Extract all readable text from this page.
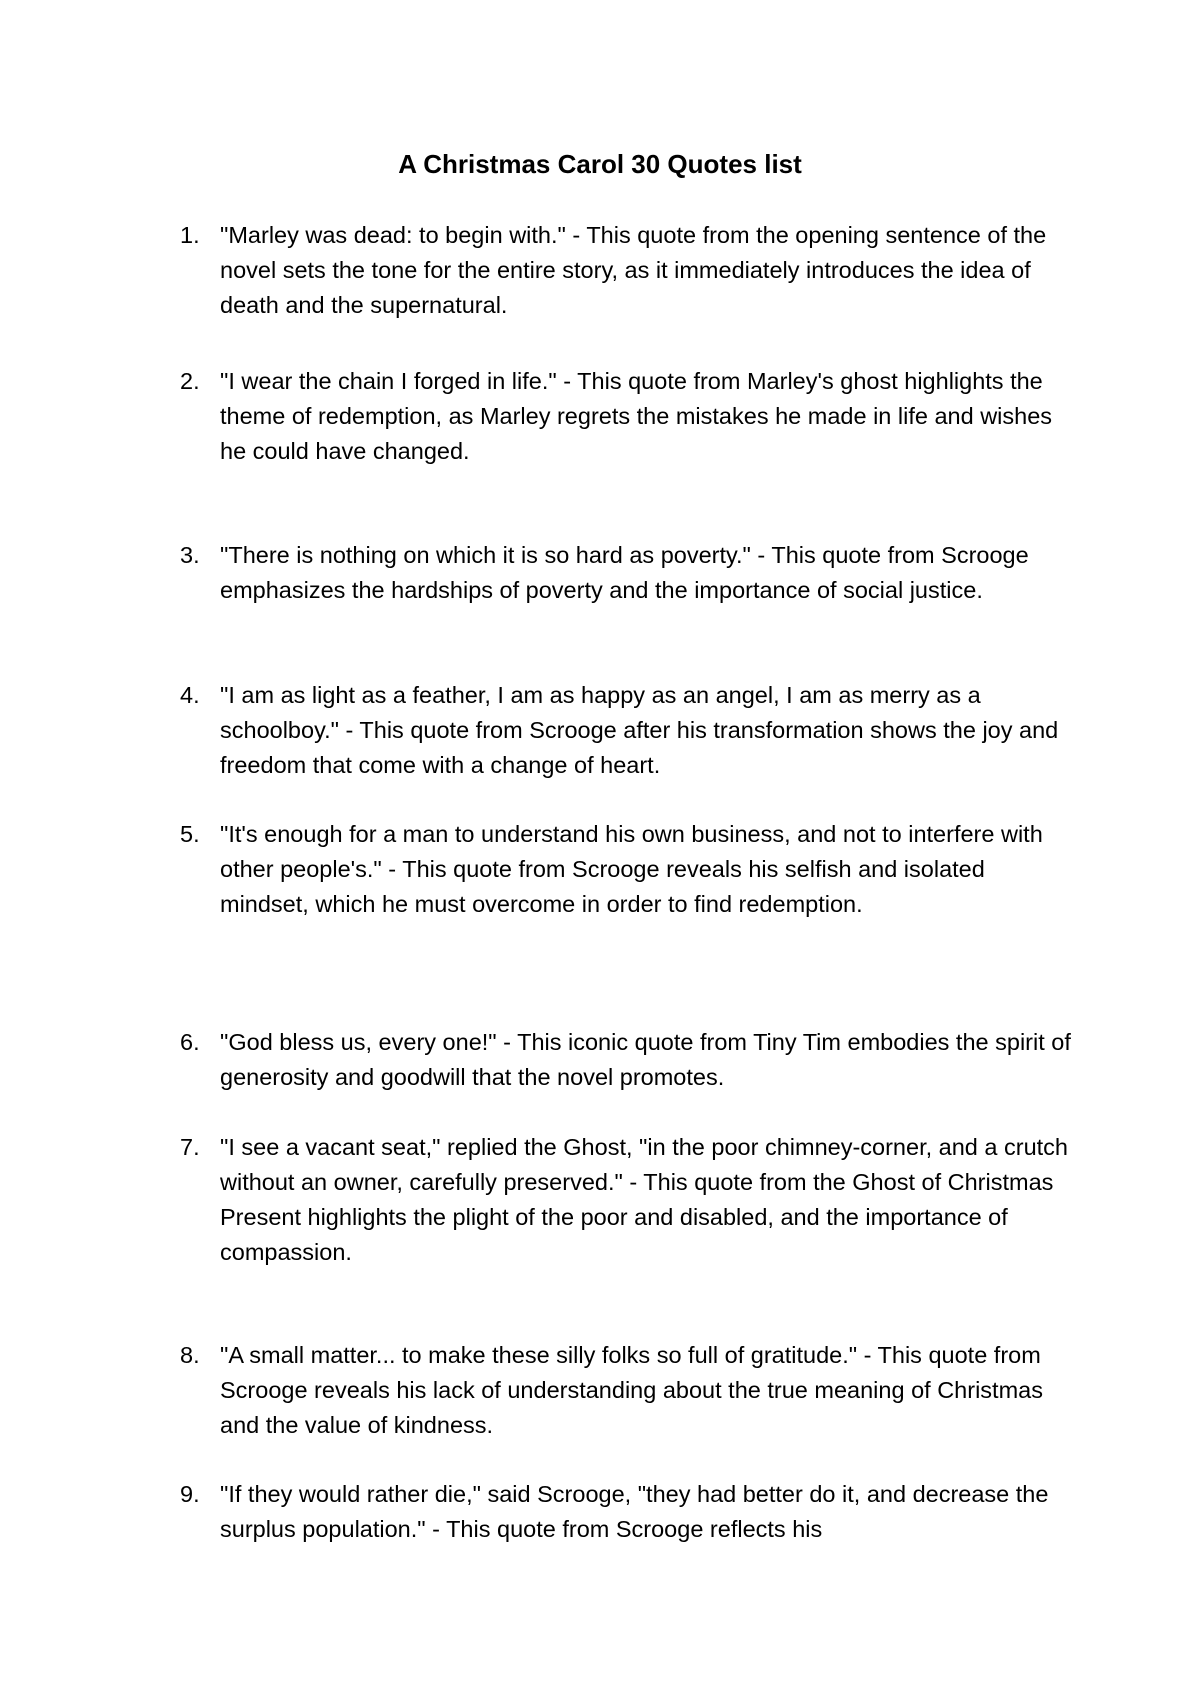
A Christmas Carol 30 Quotes list
1. "Marley was dead: to begin with." - This quote from the opening sentence of the novel sets the tone for the entire story, as it immediately introduces the idea of death and the supernatural.
2. "I wear the chain I forged in life." - This quote from Marley's ghost highlights the theme of redemption, as Marley regrets the mistakes he made in life and wishes he could have changed.
3. "There is nothing on which it is so hard as poverty." - This quote from Scrooge emphasizes the hardships of poverty and the importance of social justice.
4. "I am as light as a feather, I am as happy as an angel, I am as merry as a schoolboy." - This quote from Scrooge after his transformation shows the joy and freedom that come with a change of heart.
5. "It's enough for a man to understand his own business, and not to interfere with other people's." - This quote from Scrooge reveals his selfish and isolated mindset, which he must overcome in order to find redemption.
6. "God bless us, every one!" - This iconic quote from Tiny Tim embodies the spirit of generosity and goodwill that the novel promotes.
7. "I see a vacant seat," replied the Ghost, "in the poor chimney-corner, and a crutch without an owner, carefully preserved." - This quote from the Ghost of Christmas Present highlights the plight of the poor and disabled, and the importance of compassion.
8. "A small matter... to make these silly folks so full of gratitude." - This quote from Scrooge reveals his lack of understanding about the true meaning of Christmas and the value of kindness.
9. "If they would rather die," said Scrooge, "they had better do it, and decrease the surplus population." - This quote from Scrooge reflects his
